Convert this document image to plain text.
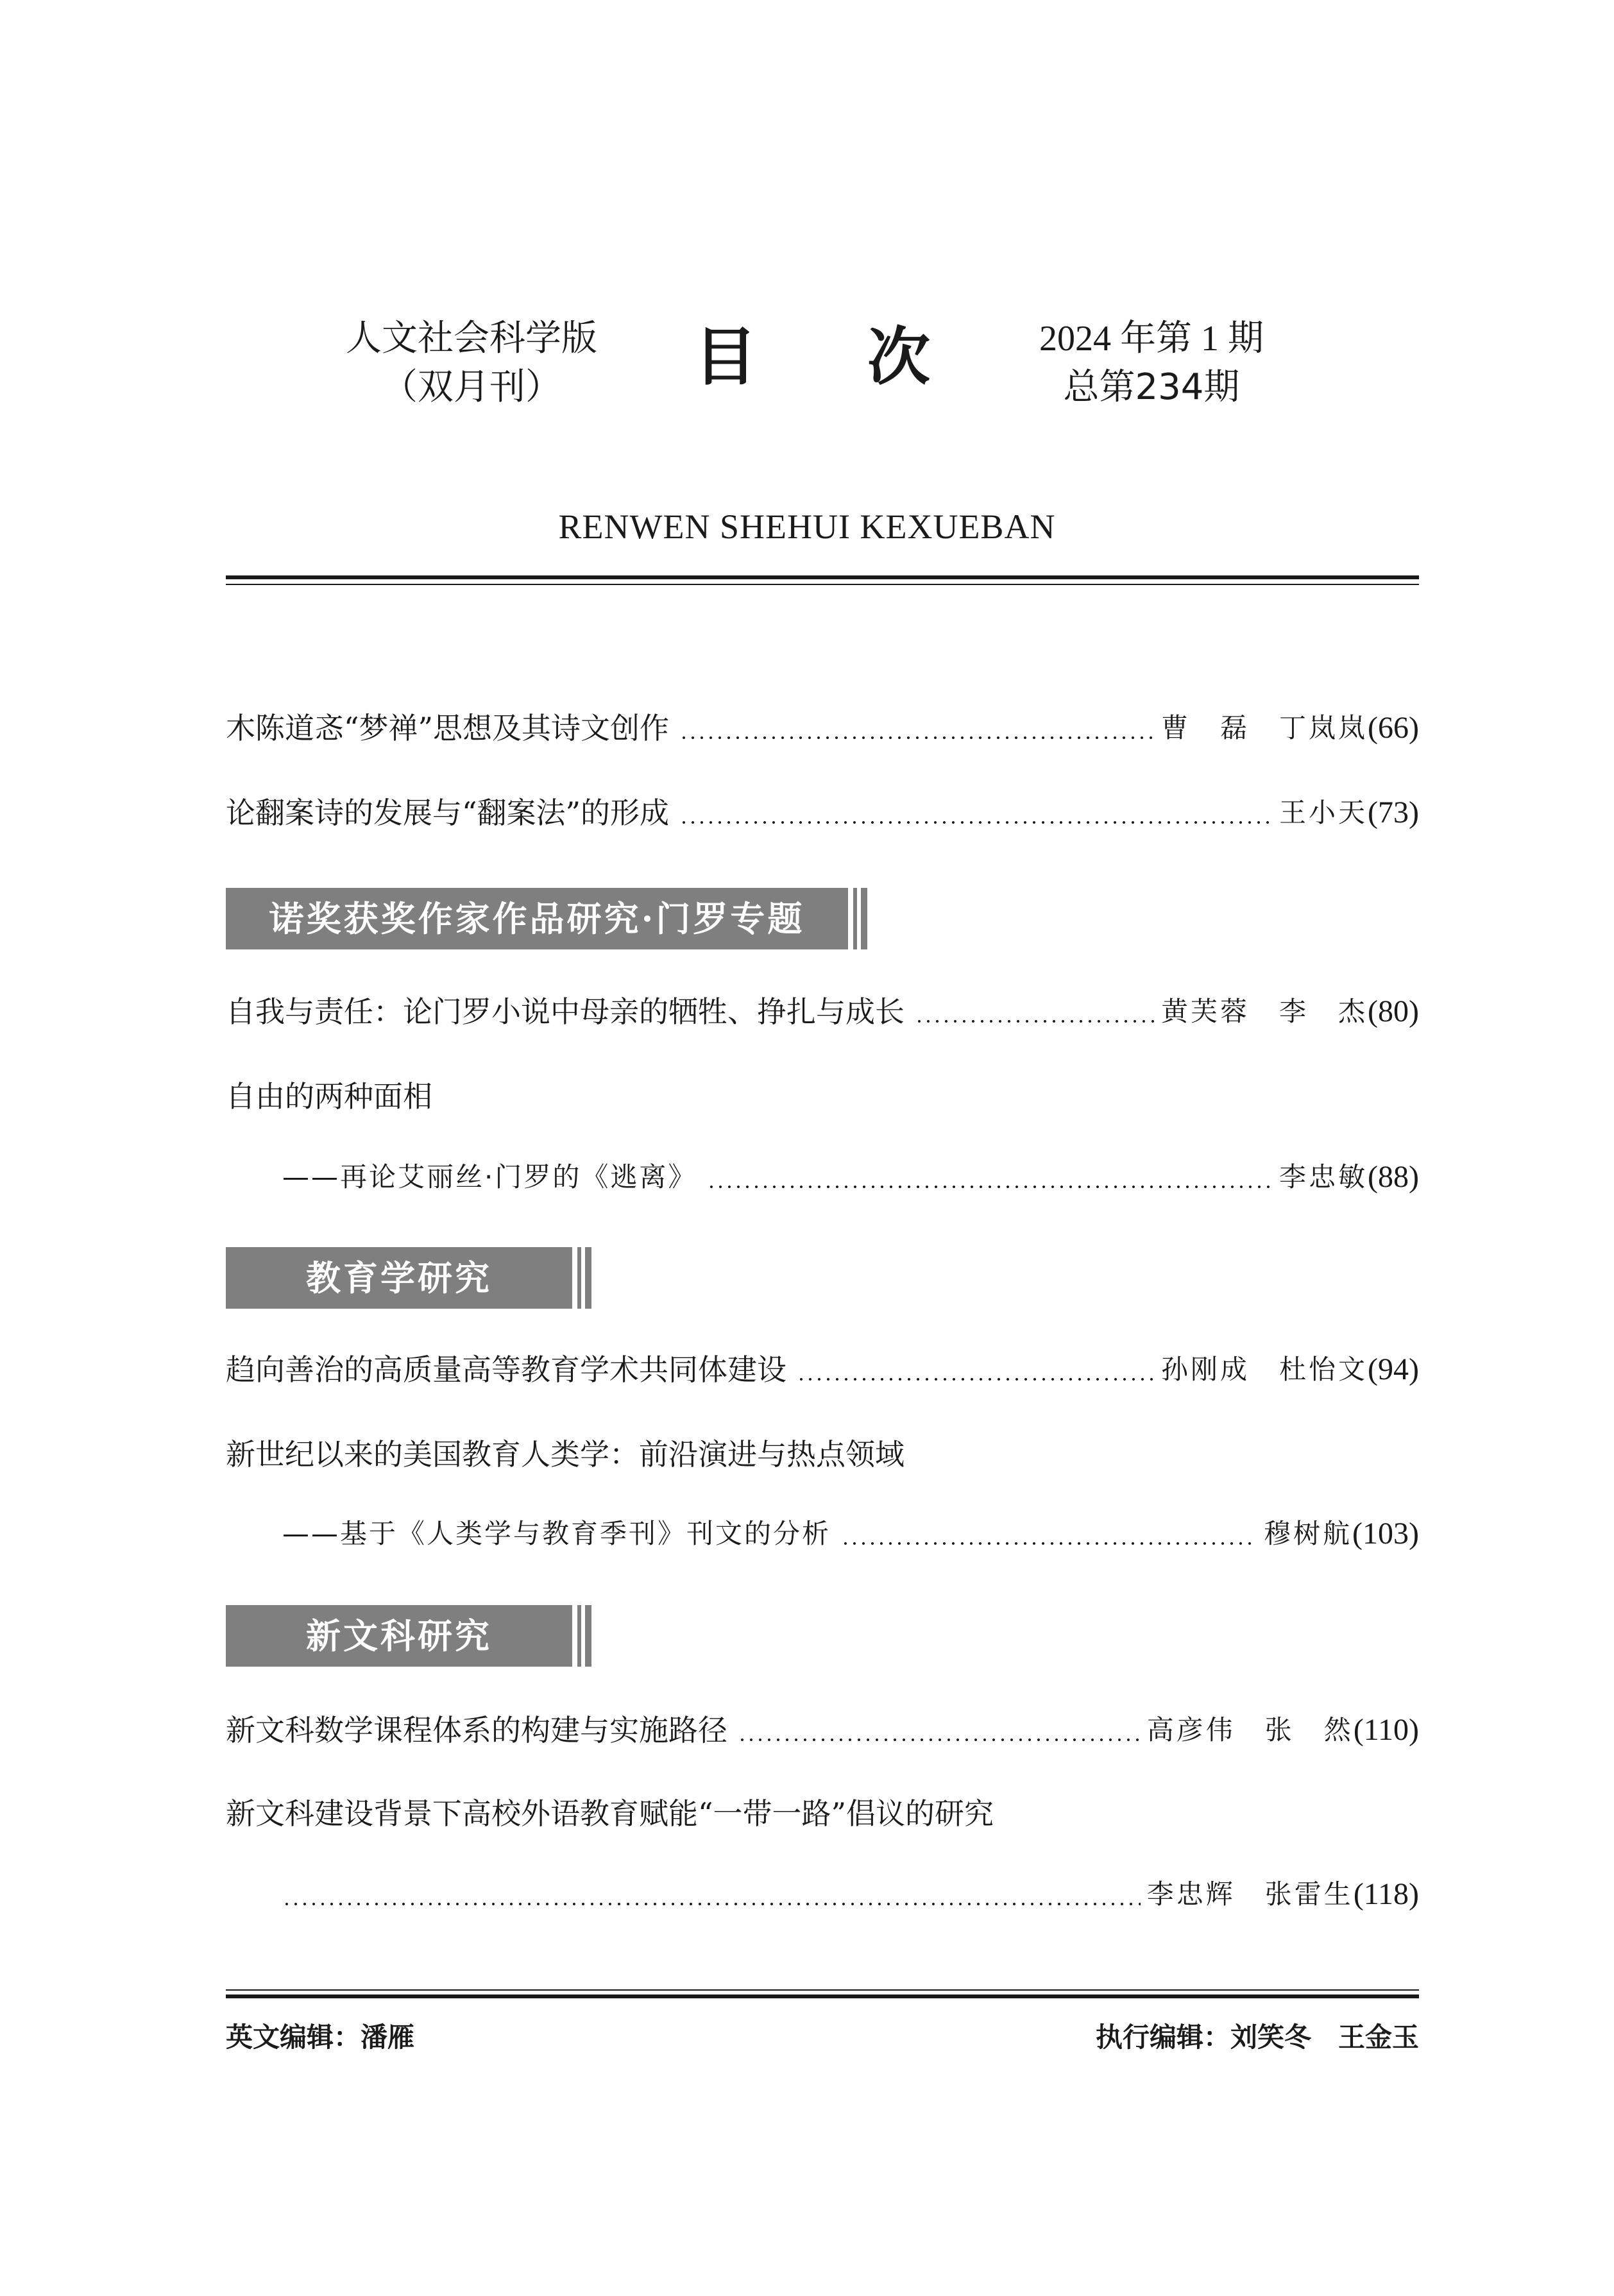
人文社会科学版
（双月刊）	目 次	2024 年第 1 期
总第234期
RENWEN SHEHUI KEXUEBAN
木陈道忞“梦禅”思想及其诗文创作	曹　磊　丁岚岚 (66)
论翻案诗的发展与“翻案法”的形成	王小天 (73)
诺奖获奖作家作品研究·门罗专题
自我与责任：论门罗小说中母亲的牺牲、挣扎与成长	黄芙蓉　李　杰 (80)
自由的两种面相
——再论艾丽丝·门罗的《逃离》	李忠敏 (88)
教育学研究
趋向善治的高质量高等教育学术共同体建设	孙刚成　杜怡文 (94)
新世纪以来的美国教育人类学：前沿演进与热点领域
——基于《人类学与教育季刊》刊文的分析	穆树航 (103)
新文科研究
新文科数学课程体系的构建与实施路径	高彦伟　张　然 (110)
新文科建设背景下高校外语教育赋能“一带一路”倡议的研究
李忠辉　张雷生 (118)
英文编辑：潘雁	执行编辑：刘笑冬　王金玉
